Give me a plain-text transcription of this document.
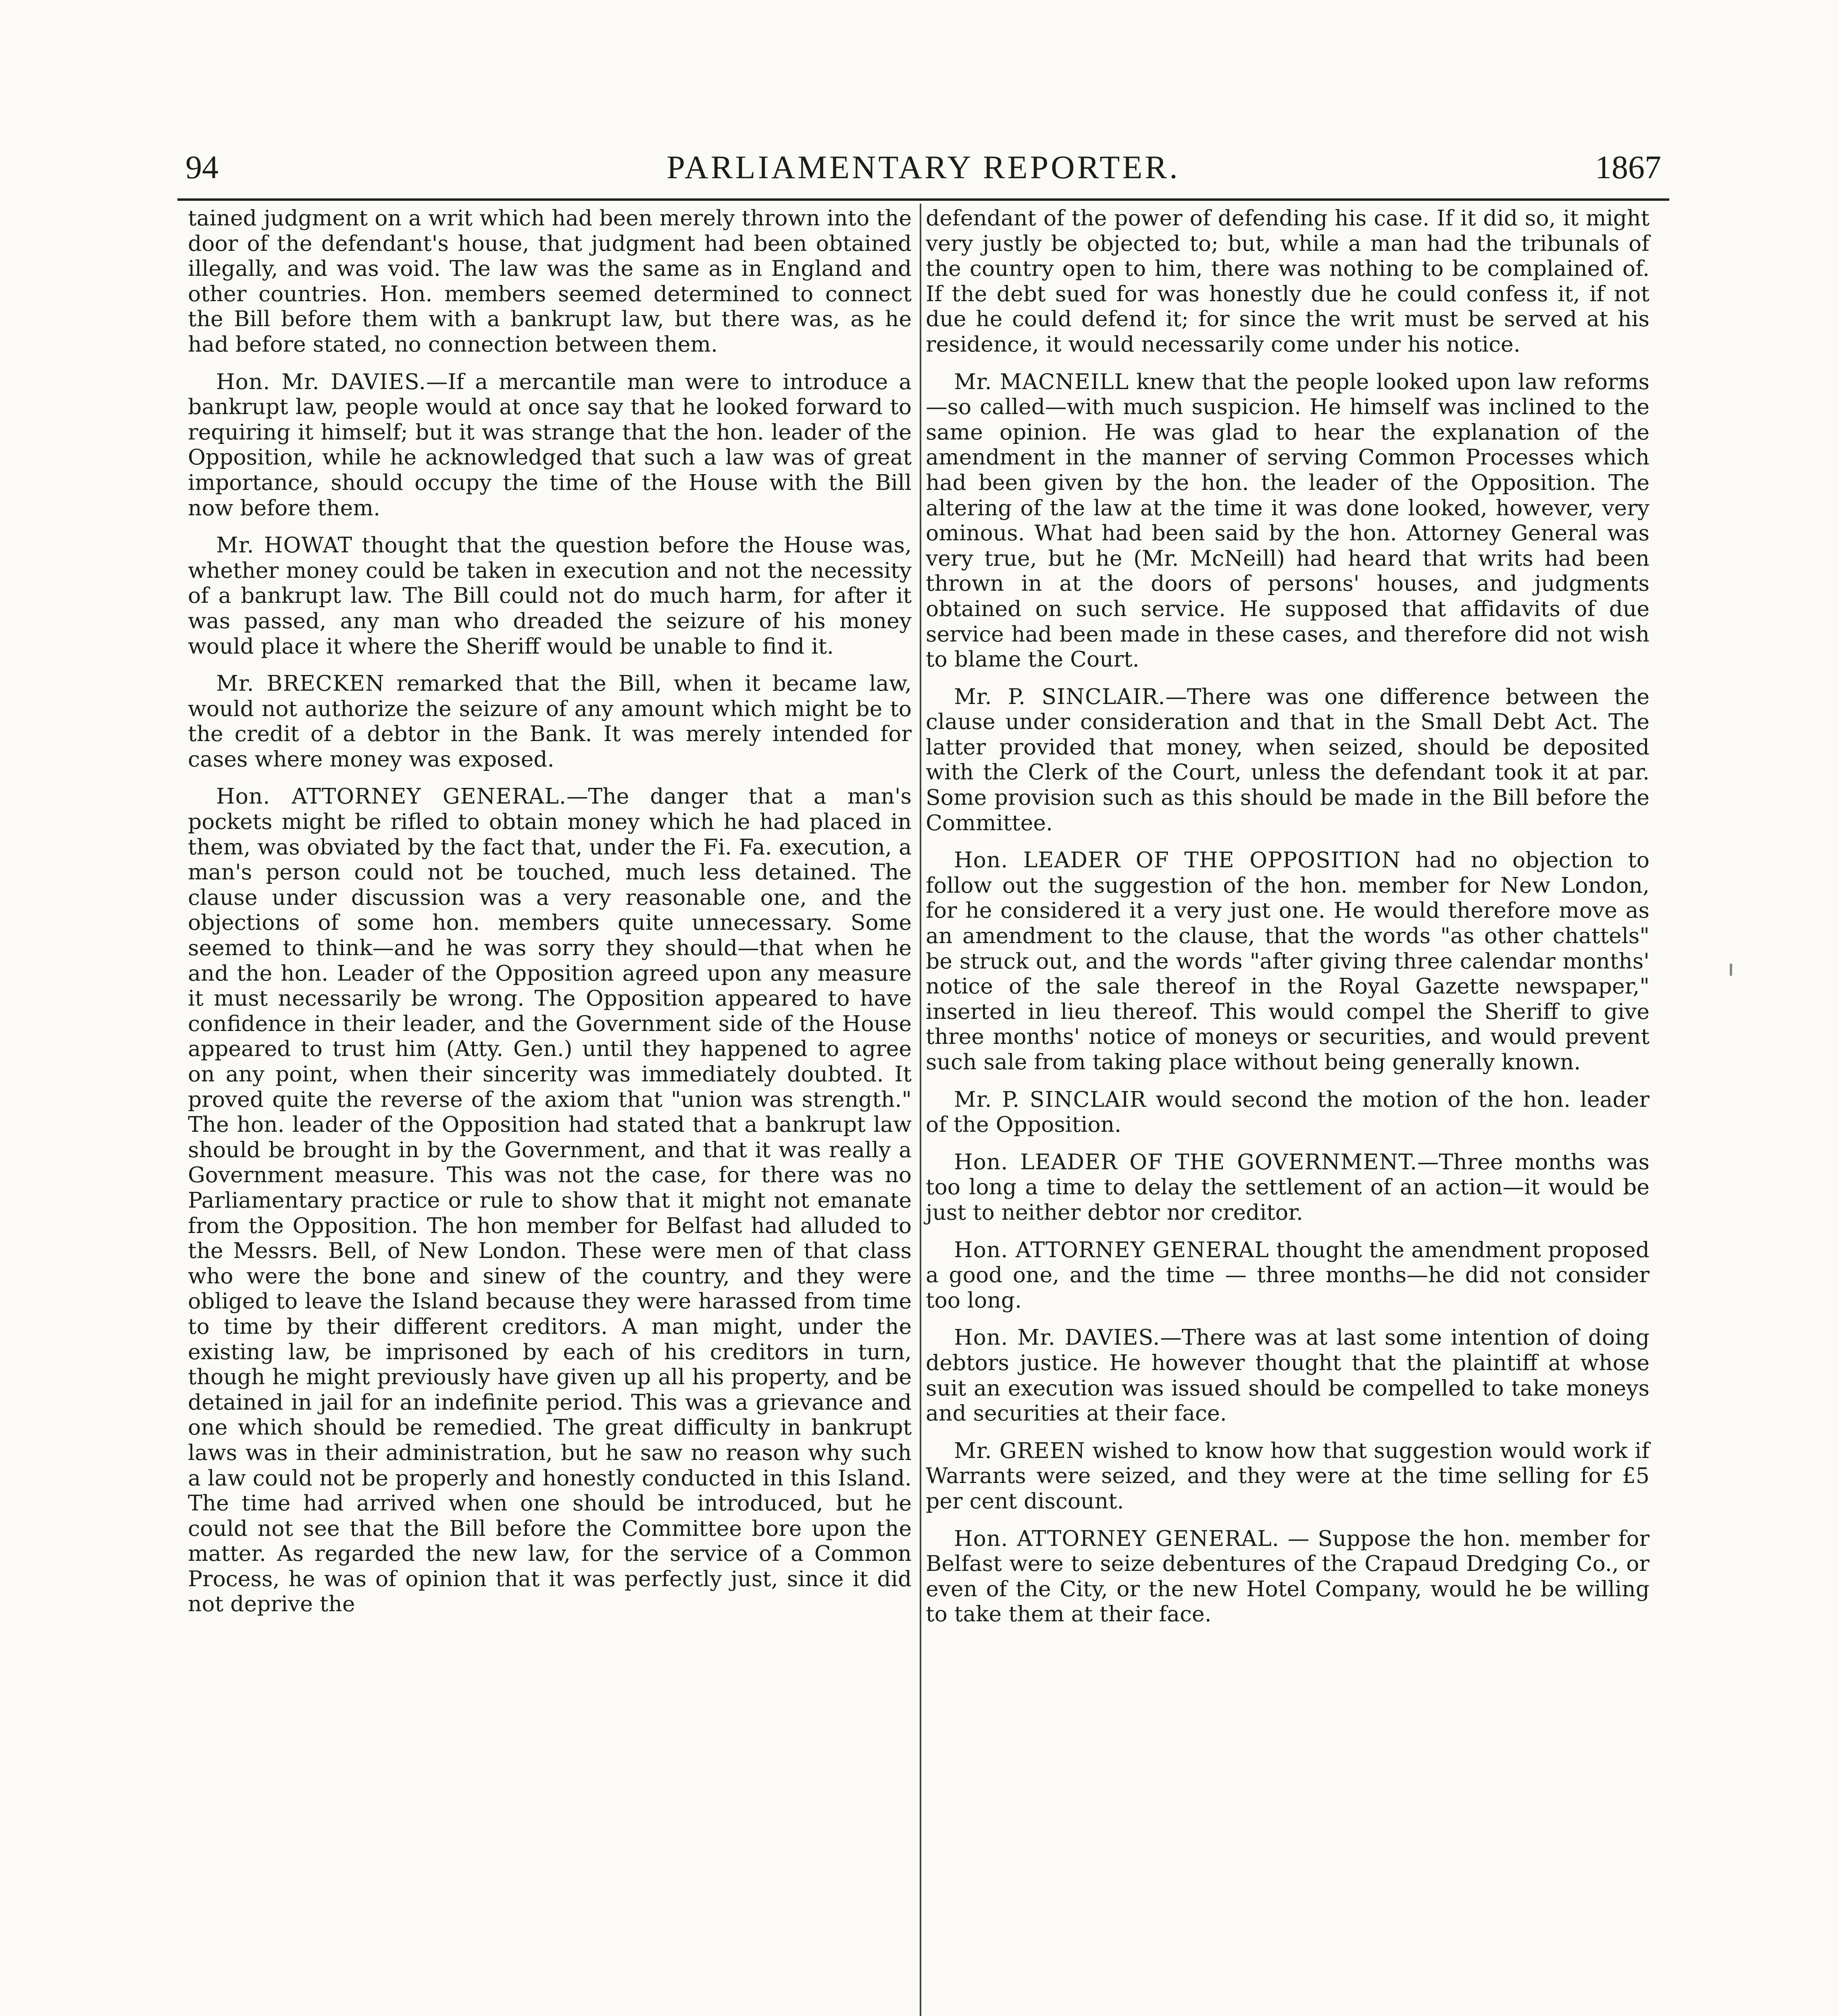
94	PARLIAMENTARY REPORTER.	1867

tained judgment on a writ which had been merely thrown into the door of the defendant's house, that judgment had been obtained illegally, and was void. The law was the same as in England and other countries. Hon. members seemed determined to connect the Bill before them with a bankrupt law, but there was, as he had before stated, no connection between them.

Hon. Mr. DAVIES.—If a mercantile man were to introduce a bankrupt law, people would at once say that he looked forward to requiring it himself; but it was strange that the hon. leader of the Opposition, while he acknowledged that such a law was of great importance, should occupy the time of the House with the Bill now before them.

Mr. HOWAT thought that the question before the House was, whether money could be taken in execution and not the necessity of a bankrupt law. The Bill could not do much harm, for after it was passed, any man who dreaded the seizure of his money would place it where the Sheriff would be unable to find it.

Mr. BRECKEN remarked that the Bill, when it became law, would not authorize the seizure of any amount which might be to the credit of a debtor in the Bank. It was merely intended for cases where money was exposed.

Hon. ATTORNEY GENERAL.—The danger that a man's pockets might be rifled to obtain money which he had placed in them, was obviated by the fact that, under the Fi. Fa. execution, a man's person could not be touched, much less detained. The clause under discussion was a very reasonable one, and the objections of some hon. members quite unnecessary. Some seemed to think—and he was sorry they should—that when he and the hon. Leader of the Opposition agreed upon any measure it must necessarily be wrong. The Opposition appeared to have confidence in their leader, and the Government side of the House appeared to trust him (Atty. Gen.) until they happened to agree on any point, when their sincerity was immediately doubted. It proved quite the reverse of the axiom that "union was strength." The hon. leader of the Opposition had stated that a bankrupt law should be brought in by the Government, and that it was really a Government measure. This was not the case, for there was no Parliamentary practice or rule to show that it might not emanate from the Opposition. The hon member for Belfast had alluded to the Messrs. Bell, of New London. These were men of that class who were the bone and sinew of the country, and they were obliged to leave the Island because they were harassed from time to time by their different creditors. A man might, under the existing law, be imprisoned by each of his creditors in turn, though he might previously have given up all his property, and be detained in jail for an indefinite period. This was a grievance and one which should be remedied. The great difficulty in bankrupt laws was in their administration, but he saw no reason why such a law could not be properly and honestly conducted in this Island. The time had arrived when one should be introduced, but he could not see that the Bill before the Committee bore upon the matter. As regarded the new law, for the service of a Common Process, he was of opinion that it was perfectly just, since it did not deprive the

defendant of the power of defending his case. If it did so, it might very justly be objected to; but, while a man had the tribunals of the country open to him, there was nothing to be complained of. If the debt sued for was honestly due he could confess it, if not due he could defend it; for since the writ must be served at his residence, it would necessarily come under his notice.

Mr. MACNEILL knew that the people looked upon law reforms—so called—with much suspicion. He himself was inclined to the same opinion. He was glad to hear the explanation of the amendment in the manner of serving Common Processes which had been given by the hon. the leader of the Opposition. The altering of the law at the time it was done looked, however, very ominous. What had been said by the hon. Attorney General was very true, but he (Mr. McNeill) had heard that writs had been thrown in at the doors of persons' houses, and judgments obtained on such service. He supposed that affidavits of due service had been made in these cases, and therefore did not wish to blame the Court.

Mr. P. SINCLAIR.—There was one difference between the clause under consideration and that in the Small Debt Act. The latter provided that money, when seized, should be deposited with the Clerk of the Court, unless the defendant took it at par. Some provision such as this should be made in the Bill before the Committee.

Hon. LEADER OF THE OPPOSITION had no objection to follow out the suggestion of the hon. member for New London, for he considered it a very just one. He would therefore move as an amendment to the clause, that the words "as other chattels" be struck out, and the words "after giving three calendar months' notice of the sale thereof in the Royal Gazette newspaper," inserted in lieu thereof. This would compel the Sheriff to give three months' notice of moneys or securities, and would prevent such sale from taking place without being generally known.

Mr. P. SINCLAIR would second the motion of the hon. leader of the Opposition.

Hon. LEADER OF THE GOVERNMENT.—Three months was too long a time to delay the settlement of an action—it would be just to neither debtor nor creditor.

Hon. ATTORNEY GENERAL thought the amendment proposed a good one, and the time — three months—he did not consider too long.

Hon. Mr. DAVIES.—There was at last some intention of doing debtors justice. He however thought that the plaintiff at whose suit an execution was issued should be compelled to take moneys and securities at their face.

Mr. GREEN wished to know how that suggestion would work if Warrants were seized, and they were at the time selling for £5 per cent discount.

Hon. ATTORNEY GENERAL. — Suppose the hon. member for Belfast were to seize debentures of the Crapaud Dredging Co., or even of the City, or the new Hotel Company, would he be willing to take them at their face.
